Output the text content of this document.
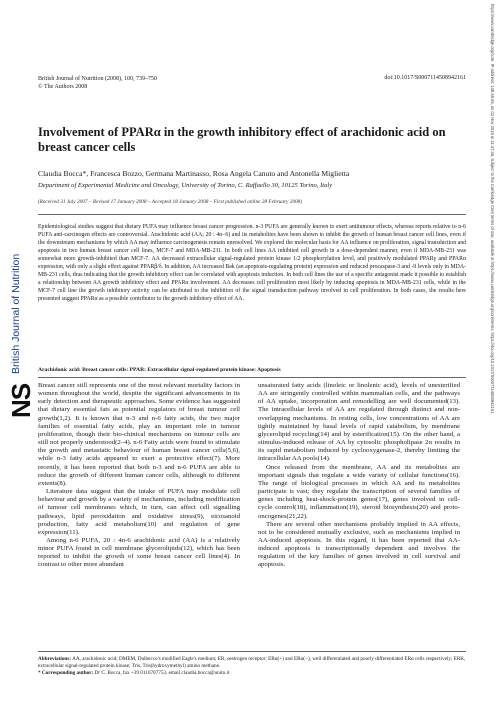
https://www.cambridge.org/core. IP address: 138.68.65, on 02 Nov 2019 at 11:47:45, subject to the Cambridge Core terms of use, available at https://www.cambridge.org/core/terms. https://doi.org/10.1017/S0007114508942161
NS
British Journal of Nutrition
British Journal of Nutrition (2008), 100, 739–750
© The Authors 2008
doi:10.1017/S0007114508942161
Involvement of PPARα in the growth inhibitory effect of arachidonic acid on breast cancer cells
Claudia Bocca*, Francesca Bozzo, Germana Martinasso, Rosa Angela Canuto and Antonella Miglietta
Department of Experimental Medicine and Oncology, University of Torino, C. Raffaello 30, 10125 Torino, Italy
(Received 31 July 2007 – Revised 17 January 2008 – Accepted 18 January 2008 – First published online 28 February 2008)
Epidemiological studies suggest that dietary PUFA may influence breast cancer progression. n-3 PUFA are generally known to exert antitumour effects, whereas reports relative to n-6 PUFA anti-carcinogen effects are controversial. Arachidonic acid (AA; 20 : 4n−6) and its metabolites have been shown to inhibit the growth of human breast cancer cell lines, even if the downstream mechanisms by which AA may influence carcinogenesis remain unresolved. We explored the molecular basis for AA influence on proliferation, signal transduction and apoptosis in two human breast cancer cell lines, MCF-7 and MDA-MB-231. In both cell lines AA inhibited cell growth in a dose-dependent manner, even if MDA-MB-231 was somewhat more growth-inhibited than MCF-7. AA decreased extracellular signal-regulated protein kinase 1/2 phosphorylation level, and positively modulated PPARγ and PPARα expression, with only a slight effect against PPARβ/δ. In addition, AA increased Bak (an apoptosis-regulating protein) expression and reduced procaspase-3 and -9 levels only in MDA-MB-231 cells, thus indicating that the growth inhibitory effect can be correlated with apoptosis induction. In both cell lines the use of a specific antagonist made it possible to establish a relationship between AA growth inhibitory effect and PPARα involvement. AA decreases cell proliferation most likely by inducing apoptosis in MDA-MB-231 cells, while in the MCF-7 cell line the growth inhibitory activity can be attributed to the inhibition of the signal transduction pathway involved in cell proliferation. In both cases, the results here presented suggest PPARα as a possible contributor to the growth inhibitory effect of AA.
Arachidonic acid: Breast cancer cells: PPAR: Extracellular signal-regulated protein kinase: Apoptosis

Breast cancer still represents one of the most relevant mortality factors in women throughout the world, despite the significant advancements in its early detection and therapeutic approaches. Some evidence has suggested that dietary essential fats as potential regulators of breast tumour cell growth(1,2). It is known that n-3 and n-6 fatty acids, the two major families of essential fatty acids, play an important role in tumour proliferation, though their bio-chinical mechanisms on tumour cells are still not properly understood(2–4). n-6 Fatty acids were found to stimulate the growth and metastatic behaviour of human breast cancer cells(5,6), while n-3 fatty acids appeared to exert a protective effect(7). More recently, it has been reported that both n-3 and n-6 PUFA are able to reduce the growth of different human cancer cells, although to different extents(8).

Literature data suggest that the intake of PUFA may modulate cell behaviour and growth by a variety of mechanisms, including modification of tumour cell membranes which, in turn, can affect cell signalling pathways, lipid peroxidation and oxidative stress(9), eicosanoid production, fatty acid metabolism(10) and regulation of gene expression(11).

Among n-6 PUFA, 20 : 4n-6 arachidonic acid (AA) is a relatively minor PUFA found in cell membrane glycerolipids(12), which has been reported to inhibit the growth of some breast cancer cell lines(4). In contrast to other more abundant

unsaturated fatty acids (linoleic or linolenic acid), levels of unesterified AA are stringently controlled within mammalian cells, and the pathways of AA uptake, incorporation and remodelling are well documented(13). The intracellular levels of AA are regulated through distinct and non-overlapping mechanisms. In resting cells, low concentrations of AA are tightly maintained by basal levels of rapid catabolism, by membrane glycerolipid recycling(14) and by esterification(15). On the other hand, a stimulus-induced release of AA by cytosolic phospholipase 2α results in its rapid metabolism induced by cyclooxygenase-2, thereby limiting the intracellular AA pools(14).

Once released from the membrane, AA and its metabolites are important signals that regulate a wide variety of cellular functions(16). The range of biological processes in which AA and its metabolites participate is vast; they regulate the transcription of several families of genes including heat-shock-protein genes(17), genes involved in cell-cycle control(18), inflammation(19), steroid biosynthesis(20) and proto-oncogenes(21,22).

There are several other mechanisms probably implied in AA effects, not to be considered mutually exclusive, such as mechanisms implied in AA-induced apoptosis. In this regard, it has been reported that AA-induced apoptosis is transcriptionally dependent and involves the regulation of the key families of genes involved in cell survival and apoptosis.

Abbreviations: AA, arachidonic acid; DMEM, Dulbecco's modified Eagle's medium; ER, oestrogen receptor; ERα(+) and ERα(−), well differentiated and poorly differentiated ERα cells respectively; ERK, extracellular signal-regulated protein kinase; Tris, Tris(hydroxymethyl) amino methane.
* Corresponding author: Dr C. Bocca, fax +39 0116707753, email claudia.bocca@unito.it
